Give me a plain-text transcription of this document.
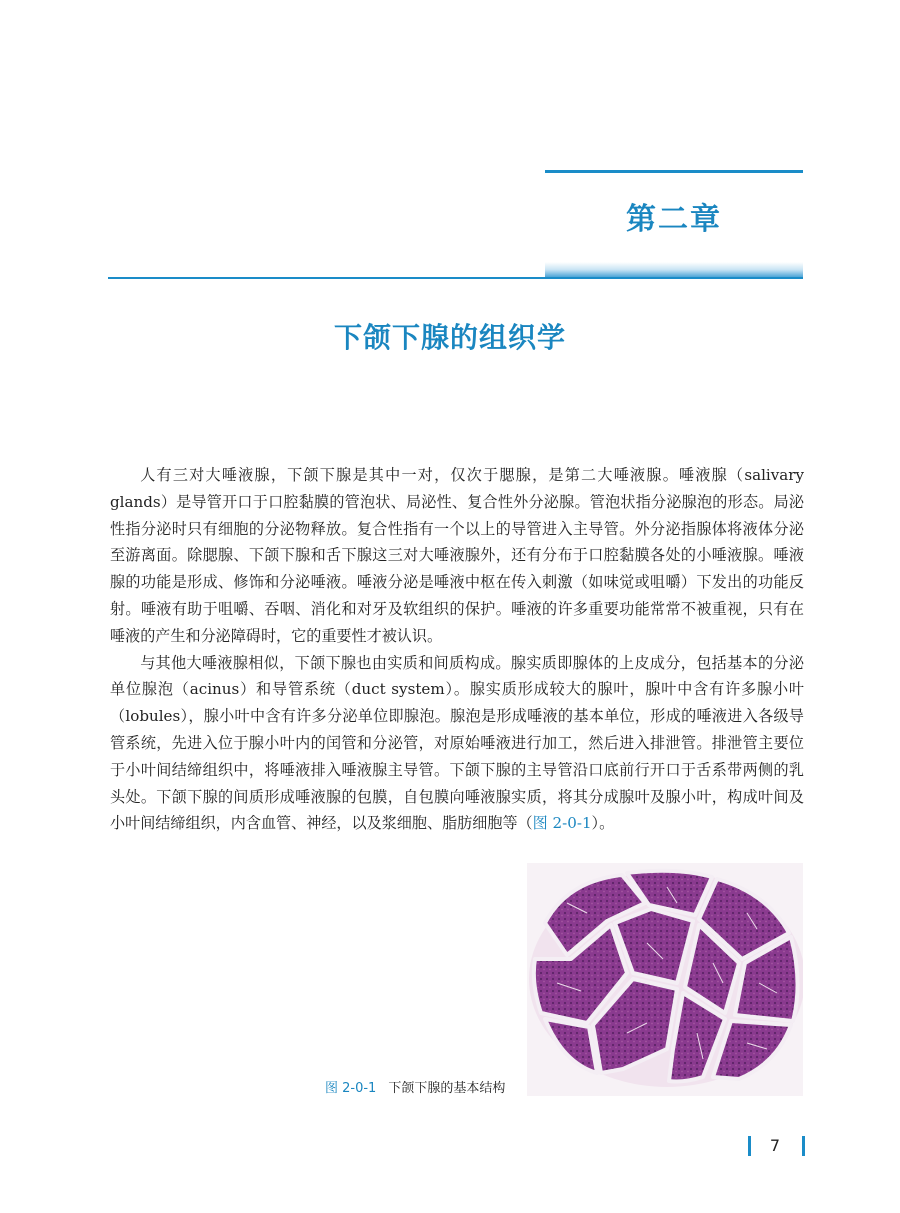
第二章
下颌下腺的组织学

人有三对大唾液腺，下颌下腺是其中一对，仅次于腮腺，是第二大唾液腺。唾液腺（salivary glands）是导管开口于口腔黏膜的管泡状、局泌性、复合性外分泌腺。管泡状指分泌腺泡的形态。局泌性指分泌时只有细胞的分泌物释放。复合性指有一个以上的导管进入主导管。外分泌指腺体将液体分泌至游离面。除腮腺、下颌下腺和舌下腺这三对大唾液腺外，还有分布于口腔黏膜各处的小唾液腺。唾液腺的功能是形成、修饰和分泌唾液。唾液分泌是唾液中枢在传入刺激（如味觉或咀嚼）下发出的功能反射。唾液有助于咀嚼、吞咽、消化和对牙及软组织的保护。唾液的许多重要功能常常不被重视，只有在唾液的产生和分泌障碍时，它的重要性才被认识。

与其他大唾液腺相似，下颌下腺也由实质和间质构成。腺实质即腺体的上皮成分，包括基本的分泌单位腺泡（acinus）和导管系统（duct system）。腺实质形成较大的腺叶，腺叶中含有许多腺小叶（lobules），腺小叶中含有许多分泌单位即腺泡。腺泡是形成唾液的基本单位，形成的唾液进入各级导管系统，先进入位于腺小叶内的闰管和分泌管，对原始唾液进行加工，然后进入排泄管。排泄管主要位于小叶间结缔组织中，将唾液排入唾液腺主导管。下颌下腺的主导管沿口底前行开口于舌系带两侧的乳头处。下颌下腺的间质形成唾液腺的包膜，自包膜向唾液腺实质，将其分成腺叶及腺小叶，构成叶间及小叶间结缔组织，内含血管、神经，以及浆细胞、脂肪细胞等（图 2-0-1）。

图 2-0-1 下颌下腺的基本结构
7
